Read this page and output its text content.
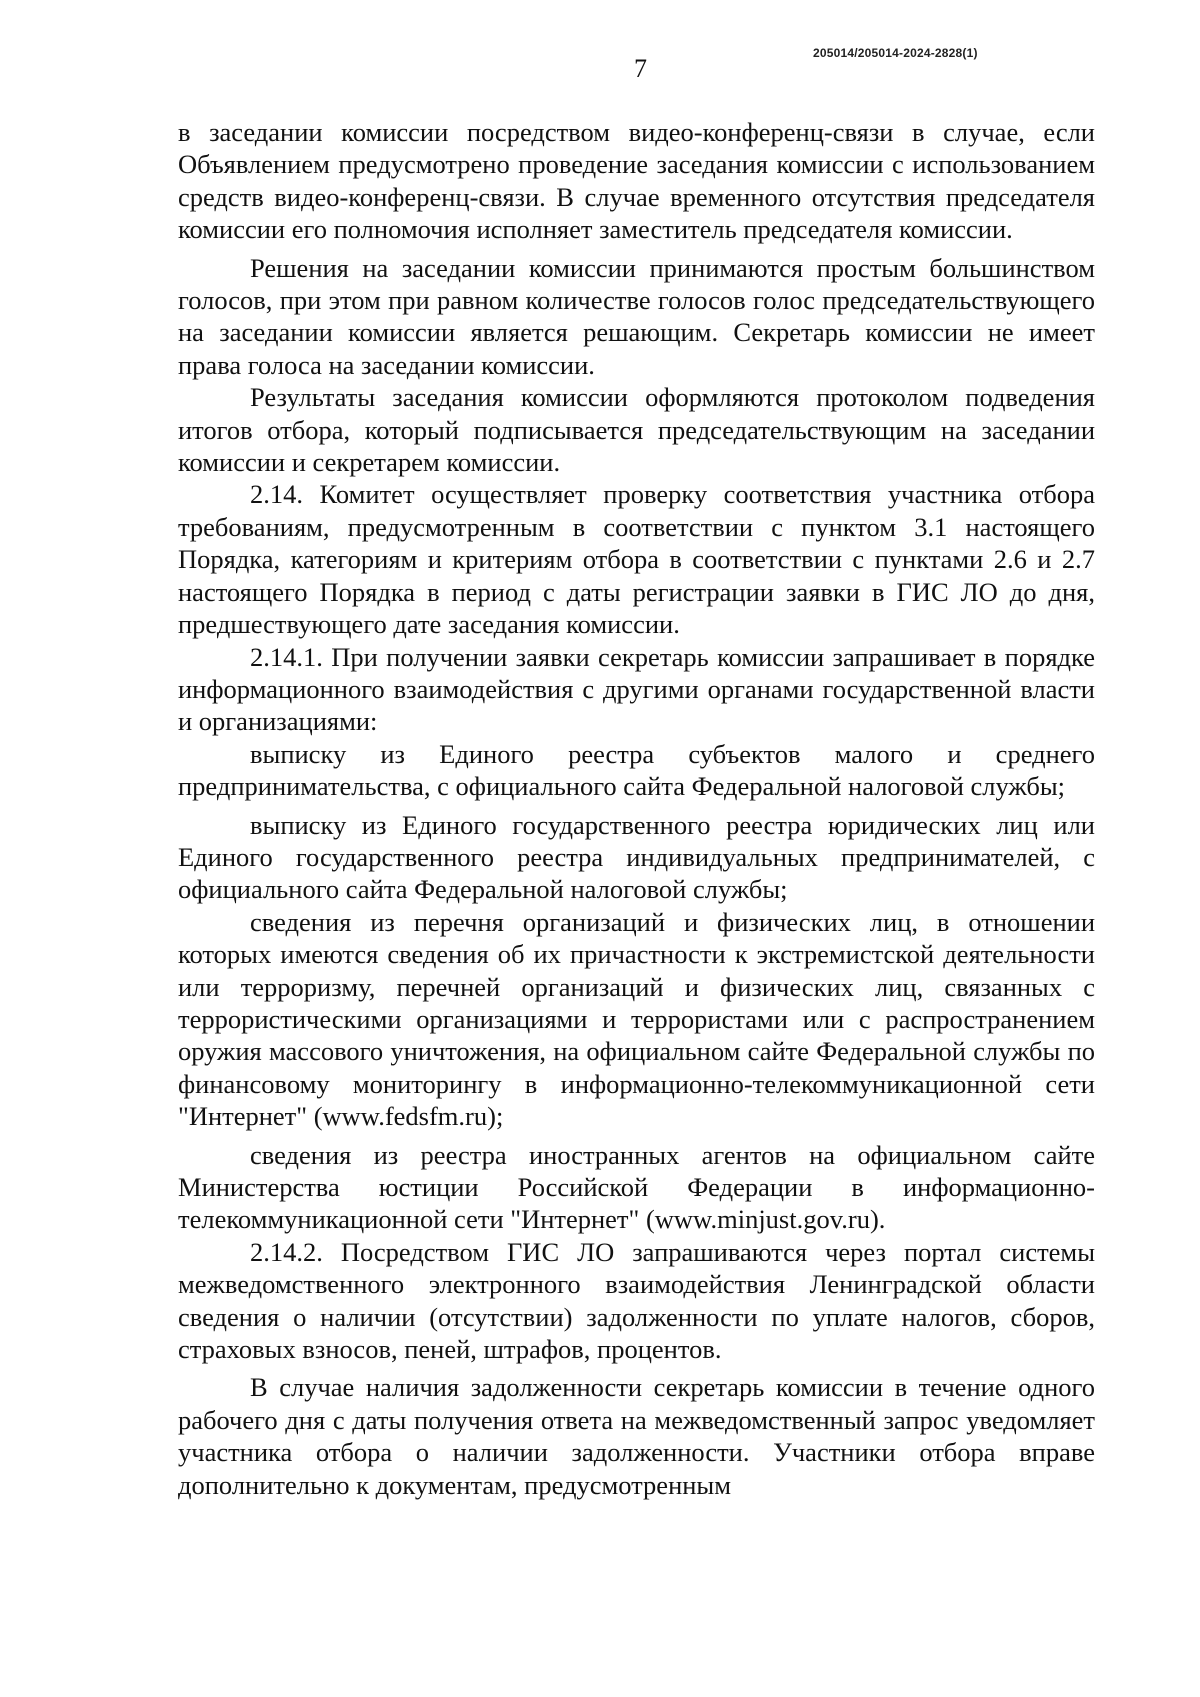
205014/205014-2024-2828(1)
7

в заседании комиссии посредством видео-конференц-связи в случае, если Объявлением предусмотрено проведение заседания комиссии с использованием средств видео-конференц-связи. В случае временного отсутствия председателя комиссии его полномочия исполняет заместитель председателя комиссии.

Решения на заседании комиссии принимаются простым большинством голосов, при этом при равном количестве голосов голос председательствующего на заседании комиссии является решающим. Секретарь комиссии не имеет права голоса на заседании комиссии.

Результаты заседания комиссии оформляются протоколом подведения итогов отбора, который подписывается председательствующим на заседании комиссии и секретарем комиссии.

2.14. Комитет осуществляет проверку соответствия участника отбора требованиям, предусмотренным в соответствии с пунктом 3.1 настоящего Порядка, категориям и критериям отбора в соответствии с пунктами 2.6 и 2.7 настоящего Порядка в период с даты регистрации заявки в ГИС ЛО до дня, предшествующего дате заседания комиссии.

2.14.1. При получении заявки секретарь комиссии запрашивает в порядке информационного взаимодействия с другими органами государственной власти и организациями:

выписку из Единого реестра субъектов малого и среднего предпринимательства, с официального сайта Федеральной налоговой службы;

выписку из Единого государственного реестра юридических лиц или Единого государственного реестра индивидуальных предпринимателей, с официального сайта Федеральной налоговой службы;

сведения из перечня организаций и физических лиц, в отношении которых имеются сведения об их причастности к экстремистской деятельности или терроризму, перечней организаций и физических лиц, связанных с террористическими организациями и террористами или с распространением оружия массового уничтожения, на официальном сайте Федеральной службы по финансовому мониторингу в информационно-телекоммуникационной сети "Интернет" (www.fedsfm.ru);

сведения из реестра иностранных агентов на официальном сайте Министерства юстиции Российской Федерации в информационно-телекоммуникационной сети "Интернет" (www.minjust.gov.ru).

2.14.2. Посредством ГИС ЛО запрашиваются через портал системы межведомственного электронного взаимодействия Ленинградской области сведения о наличии (отсутствии) задолженности по уплате налогов, сборов, страховых взносов, пеней, штрафов, процентов.

В случае наличия задолженности секретарь комиссии в течение одного рабочего дня с даты получения ответа на межведомственный запрос уведомляет участника отбора о наличии задолженности. Участники отбора вправе дополнительно к документам, предусмотренным
